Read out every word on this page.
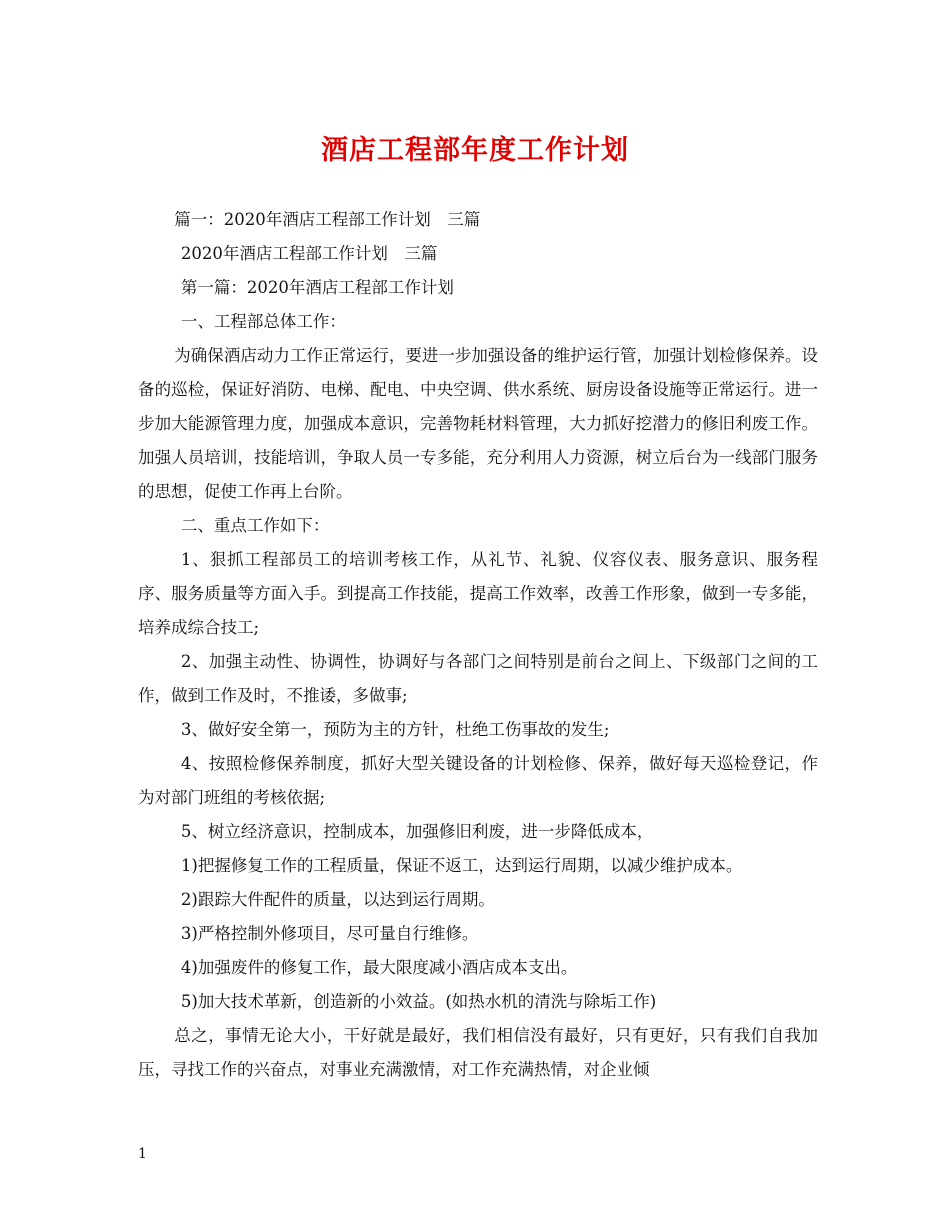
酒店工程部年度工作计划

篇一：2020年酒店工程部工作计划　三篇

2020年酒店工程部工作计划　三篇

第一篇：2020年酒店工程部工作计划

一、工程部总体工作：

为确保酒店动力工作正常运行，要进一步加强设备的维护运行管，加强计划检修保养。设备的巡检，保证好消防、电梯、配电、中央空调、供水系统、厨房设备设施等正常运行。进一步加大能源管理力度，加强成本意识，完善物耗材料管理，大力抓好挖潜力的修旧利废工作。加强人员培训，技能培训，争取人员一专多能，充分利用人力资源，树立后台为一线部门服务的思想，促使工作再上台阶。

二、重点工作如下：

1、狠抓工程部员工的培训考核工作，从礼节、礼貌、仪容仪表、服务意识、服务程序、服务质量等方面入手。到提高工作技能，提高工作效率，改善工作形象，做到一专多能，培养成综合技工;

2、加强主动性、协调性，协调好与各部门之间特别是前台之间上、下级部门之间的工作，做到工作及时，不推诿，多做事;

3、做好安全第一，预防为主的方针，杜绝工伤事故的发生;

4、按照检修保养制度，抓好大型关键设备的计划检修、保养，做好每天巡检登记，作为对部门班组的考核依据;

5、树立经济意识，控制成本，加强修旧利废，进一步降低成本，

1)把握修复工作的工程质量，保证不返工，达到运行周期，以减少维护成本。

2)跟踪大件配件的质量，以达到运行周期。

3)严格控制外修项目，尽可量自行维修。

4)加强废件的修复工作，最大限度减小酒店成本支出。

5)加大技术革新，创造新的小效益。(如热水机的清洗与除垢工作)

总之，事情无论大小，干好就是最好，我们相信没有最好，只有更好，只有我们自我加压，寻找工作的兴奋点，对事业充满激情，对工作充满热情，对企业倾

1
